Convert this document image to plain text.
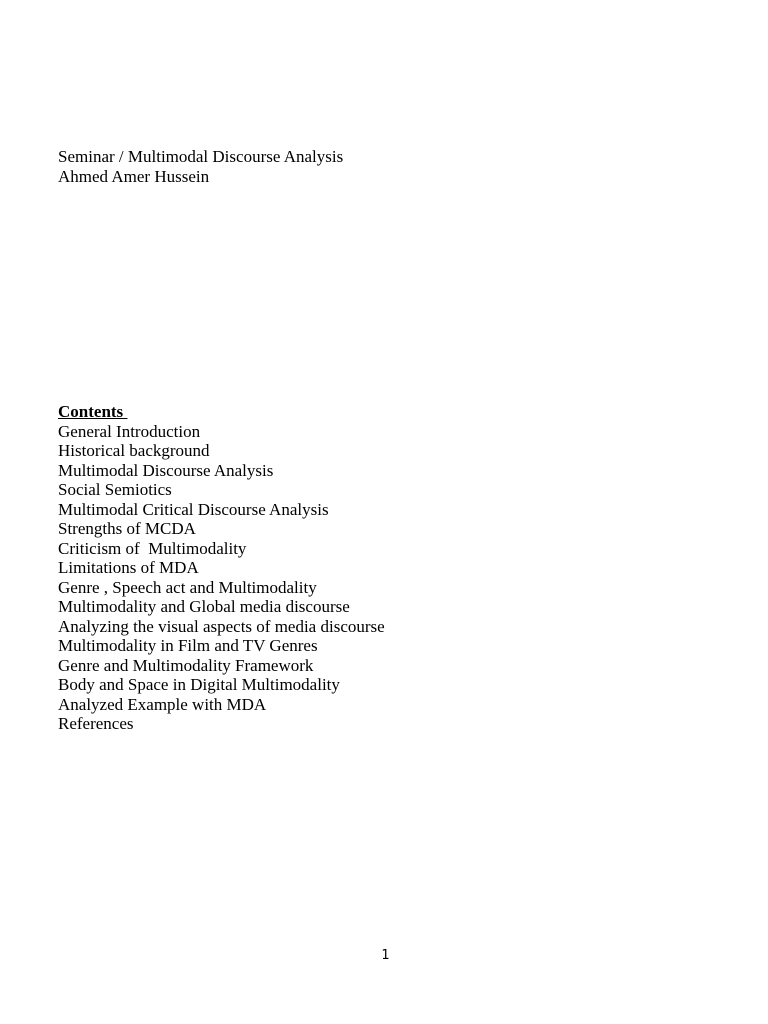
Seminar / Multimodal Discourse Analysis
Ahmed Amer Hussein
Contents
General Introduction
Historical background
Multimodal Discourse Analysis
Social Semiotics
Multimodal Critical Discourse Analysis
Strengths of MCDA
Criticism of  Multimodality
Limitations of MDA
Genre , Speech act and Multimodality
Multimodality and Global media discourse
Analyzing the visual aspects of media discourse
Multimodality in Film and TV Genres
Genre and Multimodality Framework
Body and Space in Digital Multimodality
Analyzed Example with MDA
References
1
